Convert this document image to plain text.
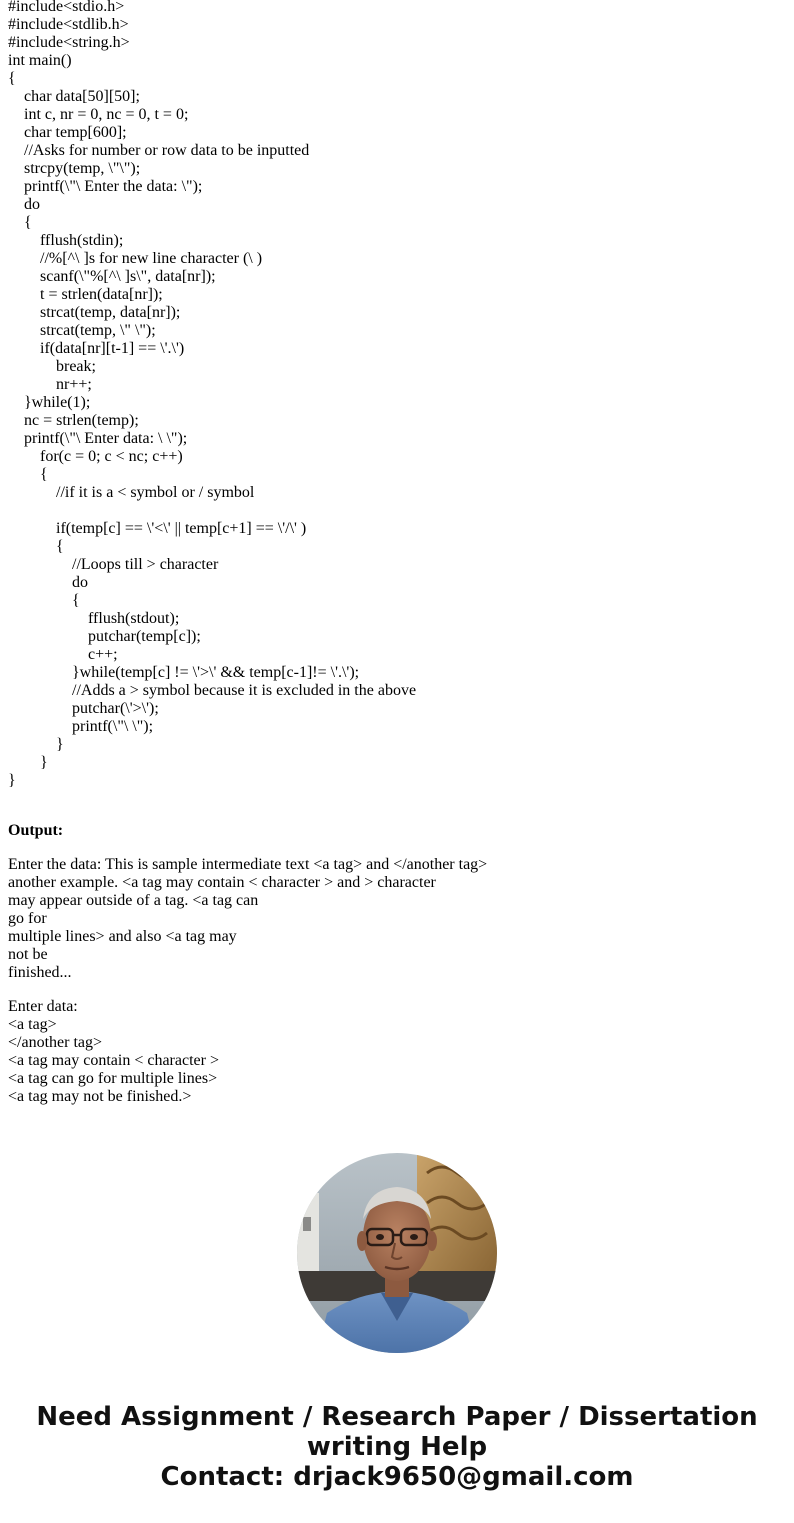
#include<stdio.h>
#include<stdlib.h>
#include<string.h>
int main()
{
char data[50][50];
int c, nr = 0, nc = 0, t = 0;
char temp[600];
//Asks for number or row data to be inputted
strcpy(temp, \"\");
printf(\"\ Enter the data: \");
do
{
fflush(stdin);
//%[^\ ]s for new line character (\ )
scanf(\"%[^\ ]s\", data[nr]);
t = strlen(data[nr]);
strcat(temp, data[nr]);
strcat(temp, \" \");
if(data[nr][t-1] == \'.\')
break;
nr++;
}while(1);
nc = strlen(temp);
printf(\"\ Enter data: \ \");
for(c = 0; c < nc; c++)
{
//if it is a < symbol or / symbol
if(temp[c] == \'<\' || temp[c+1] == \'/\' )
{
//Loops till > character
do
{
fflush(stdout);
putchar(temp[c]);
c++;
}while(temp[c] != \'>\' && temp[c-1]!= \'.\');
//Adds a > symbol because it is excluded in the above
putchar(\'>\');
printf(\"\ \");
}
}
}
Output:
Enter the data: This is sample intermediate text <a tag> and </another tag>
another example. <a tag may contain < character > and > character
may appear outside of a tag. <a tag can
go for
multiple lines> and also <a tag may
not be
finished...
Enter data:
<a tag>
</another tag>
<a tag may contain < character >
<a tag can go for multiple lines>
<a tag may not be finished.>
Need Assignment / Research Paper / Dissertation
writing Help
Contact: drjack9650@gmail.com
